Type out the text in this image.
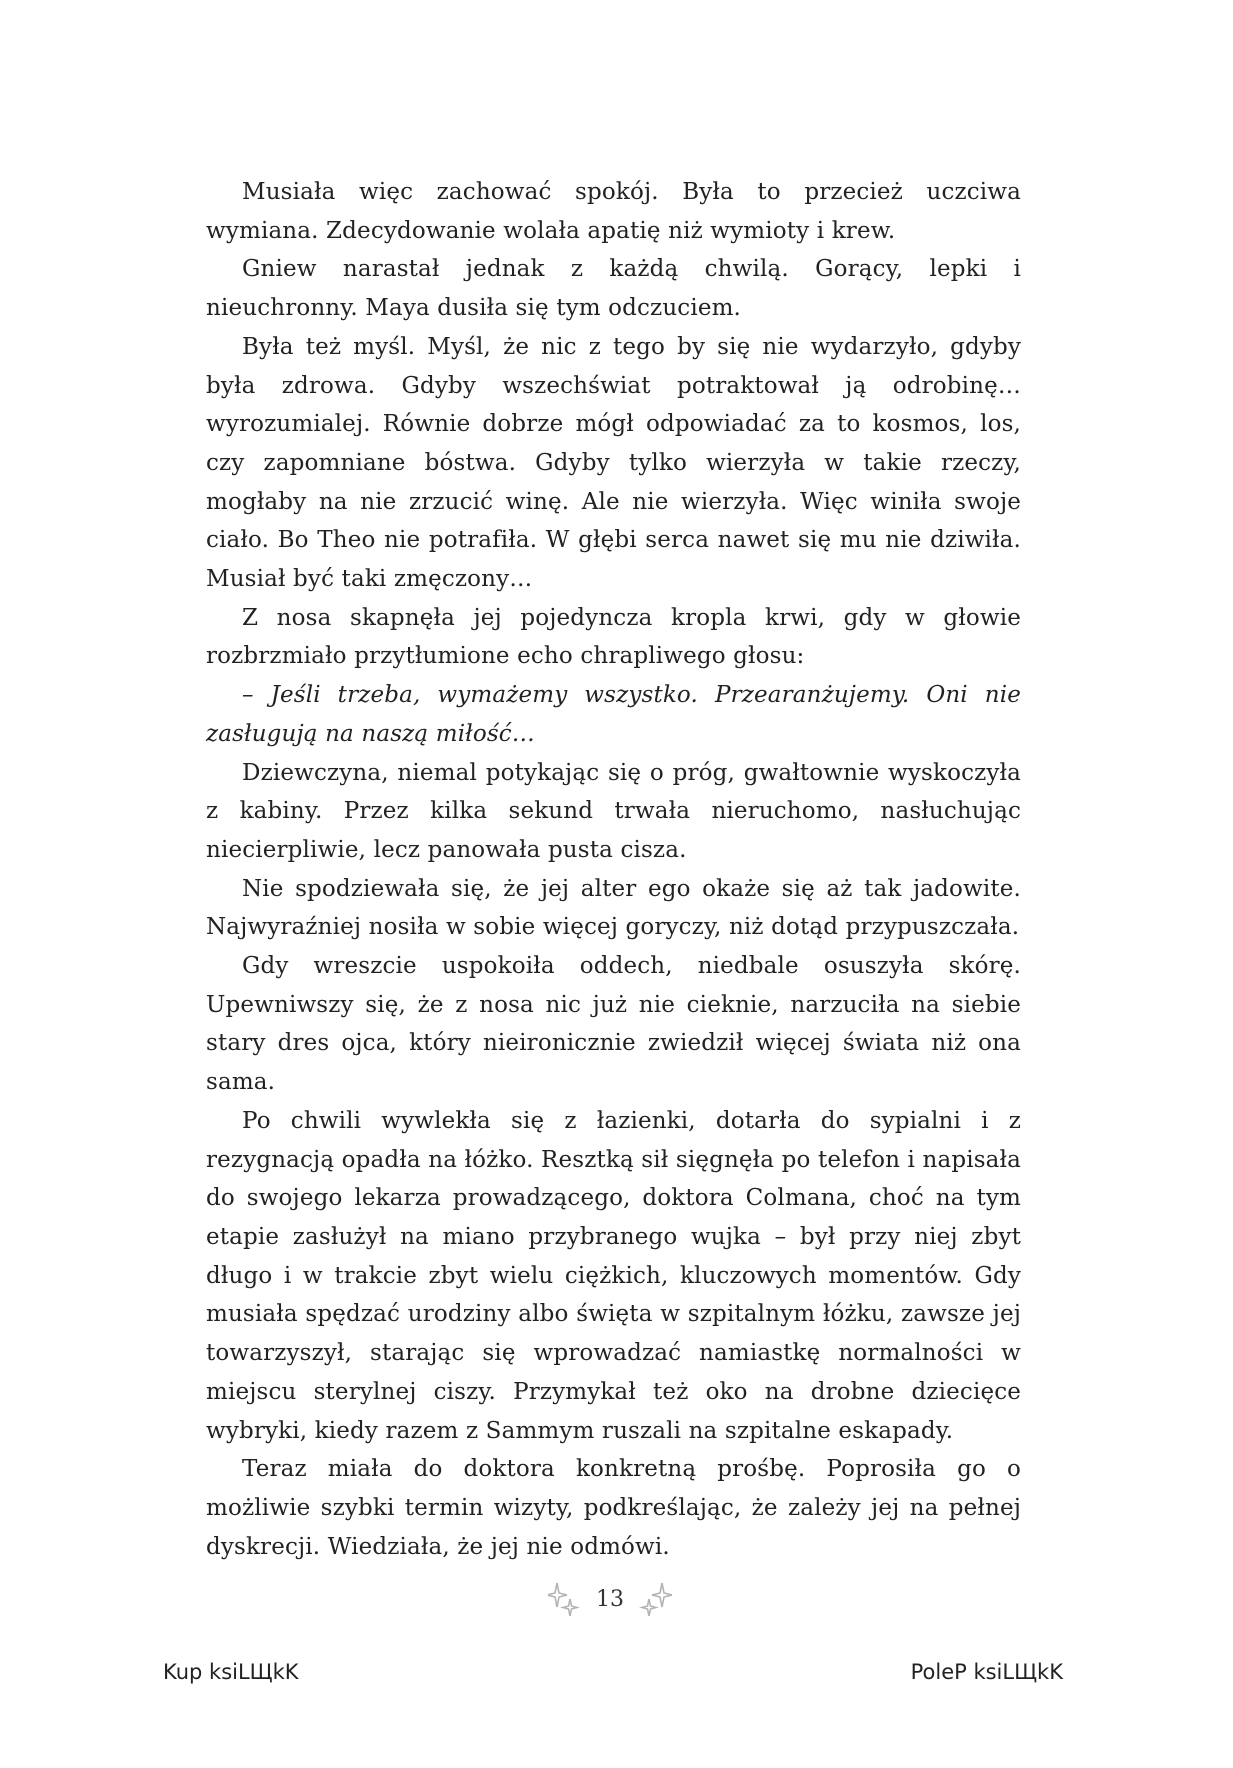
Musiała więc zachować spokój. Była to przecież uczciwa wymiana. Zdecydowanie wolała apatię niż wymioty i krew.

Gniew narastał jednak z każdą chwilą. Gorący, lepki i nieuchronny. Maya dusiła się tym odczuciem.

Była też myśl. Myśl, że nic z tego by się nie wydarzyło, gdyby była zdrowa. Gdyby wszechświat potraktował ją odrobinę… wyrozumialej. Równie dobrze mógł odpowiadać za to kosmos, los, czy zapomniane bóstwa. Gdyby tylko wierzyła w takie rzeczy, mogłaby na nie zrzucić winę. Ale nie wierzyła. Więc winiła swoje ciało. Bo Theo nie potrafiła. W głębi serca nawet się mu nie dziwiła. Musiał być taki zmęczony…

Z nosa skapnęła jej pojedyncza kropla krwi, gdy w głowie rozbrzmiało przytłumione echo chrapliwego głosu:

– Jeśli trzeba, wymażemy wszystko. Przearanżujemy. Oni nie zasługują na naszą miłość…

Dziewczyna, niemal potykając się o próg, gwałtownie wyskoczyła z kabiny. Przez kilka sekund trwała nieruchomo, nasłuchując niecierpliwie, lecz panowała pusta cisza.

Nie spodziewała się, że jej alter ego okaże się aż tak jadowite. Najwyraźniej nosiła w sobie więcej goryczy, niż dotąd przypuszczała.

Gdy wreszcie uspokoiła oddech, niedbale osuszyła skórę. Upewniwszy się, że z nosa nic już nie cieknie, narzuciła na siebie stary dres ojca, który nieironicznie zwiedził więcej świata niż ona sama.

Po chwili wywlekła się z łazienki, dotarła do sypialni i z rezygnacją opadła na łóżko. Resztką sił sięgnęła po telefon i napisała do swojego lekarza prowadzącego, doktora Colmana, choć na tym etapie zasłużył na miano przybranego wujka – był przy niej zbyt długo i w trakcie zbyt wielu ciężkich, kluczowych momentów. Gdy musiała spędzać urodziny albo święta w szpitalnym łóżku, zawsze jej towarzyszył, starając się wprowadzać namiastkę normalności w miejscu sterylnej ciszy. Przymykał też oko na drobne dziecięce wybryki, kiedy razem z Sammym ruszali na szpitalne eskapady.

Teraz miała do doktora konkretną prośbę. Poprosiła go o możliwie szybki termin wizyty, podkreślając, że zależy jej na pełnej dyskrecji. Wiedziała, że jej nie odmówi.

13
Kup ksiLЩkK	PoleP ksiLЩkK
